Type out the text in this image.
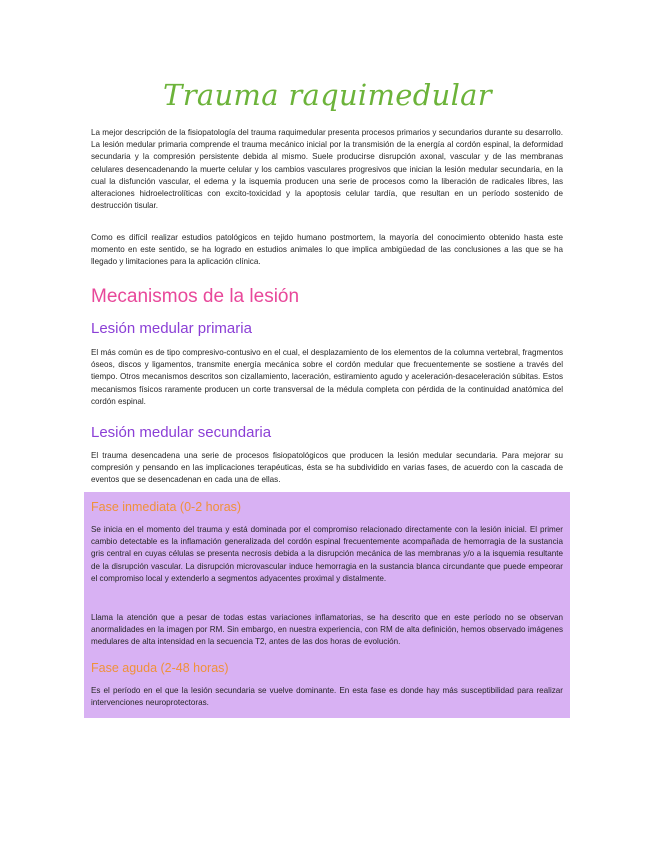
Trauma raquimedular

La mejor descripción de la fisiopatología del trauma raquimedular presenta procesos primarios y secundarios durante su desarrollo. La lesión medular primaria comprende el trauma mecánico inicial por la transmisión de la energía al cordón espinal, la deformidad secundaria y la compresión persistente debida al mismo. Suele producirse disrupción axonal, vascular y de las membranas celulares desencadenando la muerte celular y los cambios vasculares progresivos que inician la lesión medular secundaria, en la cual la disfunción vascular, el edema y la isquemia producen una serie de procesos como la liberación de radicales libres, las alteraciones hidroelectrolíticas con excito-toxicidad y la apoptosis celular tardía, que resultan en un período sostenido de destrucción tisular.

Como es difícil realizar estudios patológicos en tejido humano postmortem, la mayoría del conocimiento obtenido hasta este momento en este sentido, se ha logrado en estudios animales lo que implica ambigüedad de las conclusiones a las que se ha llegado y limitaciones para la aplicación clínica.

Mecanismos de la lesión
Lesión medular primaria

El más común es de tipo compresivo-contusivo en el cual, el desplazamiento de los elementos de la columna vertebral, fragmentos óseos, discos y ligamentos, transmite energía mecánica sobre el cordón medular que frecuentemente se sostiene a través del tiempo. Otros mecanismos descritos son cizallamiento, laceración, estiramiento agudo y aceleración-desaceleración súbitas. Estos mecanismos físicos raramente producen un corte transversal de la médula completa con pérdida de la continuidad anatómica del cordón espinal.

Lesión medular secundaria

El trauma desencadena una serie de procesos fisiopatológicos que producen la lesión medular secundaria. Para mejorar su compresión y pensando en las implicaciones terapéuticas, ésta se ha subdividido en varias fases, de acuerdo con la cascada de eventos que se desencadenan en cada una de ellas.

Fase inmediata (0-2 horas)

Se inicia en el momento del trauma y está dominada por el compromiso relacionado directamente con la lesión inicial. El primer cambio detectable es la inflamación generalizada del cordón espinal frecuentemente acompañada de hemorragia de la sustancia gris central en cuyas células se presenta necrosis debida a la disrupción mecánica de las membranas y/o a la isquemia resultante de la disrupción vascular. La disrupción microvascular induce hemorragia en la sustancia blanca circundante que puede empeorar el compromiso local y extenderlo a segmentos adyacentes proximal y distalmente.

Llama la atención que a pesar de todas estas variaciones inflamatorias, se ha descrito que en este período no se observan anormalidades en la imagen por RM. Sin embargo, en nuestra experiencia, con RM de alta definición, hemos observado imágenes medulares de alta intensidad en la secuencia T2, antes de las dos horas de evolución.

Fase aguda (2-48 horas)

Es el período en el que la lesión secundaria se vuelve dominante. En esta fase es donde hay más susceptibilidad para realizar intervenciones neuroprotectoras.
